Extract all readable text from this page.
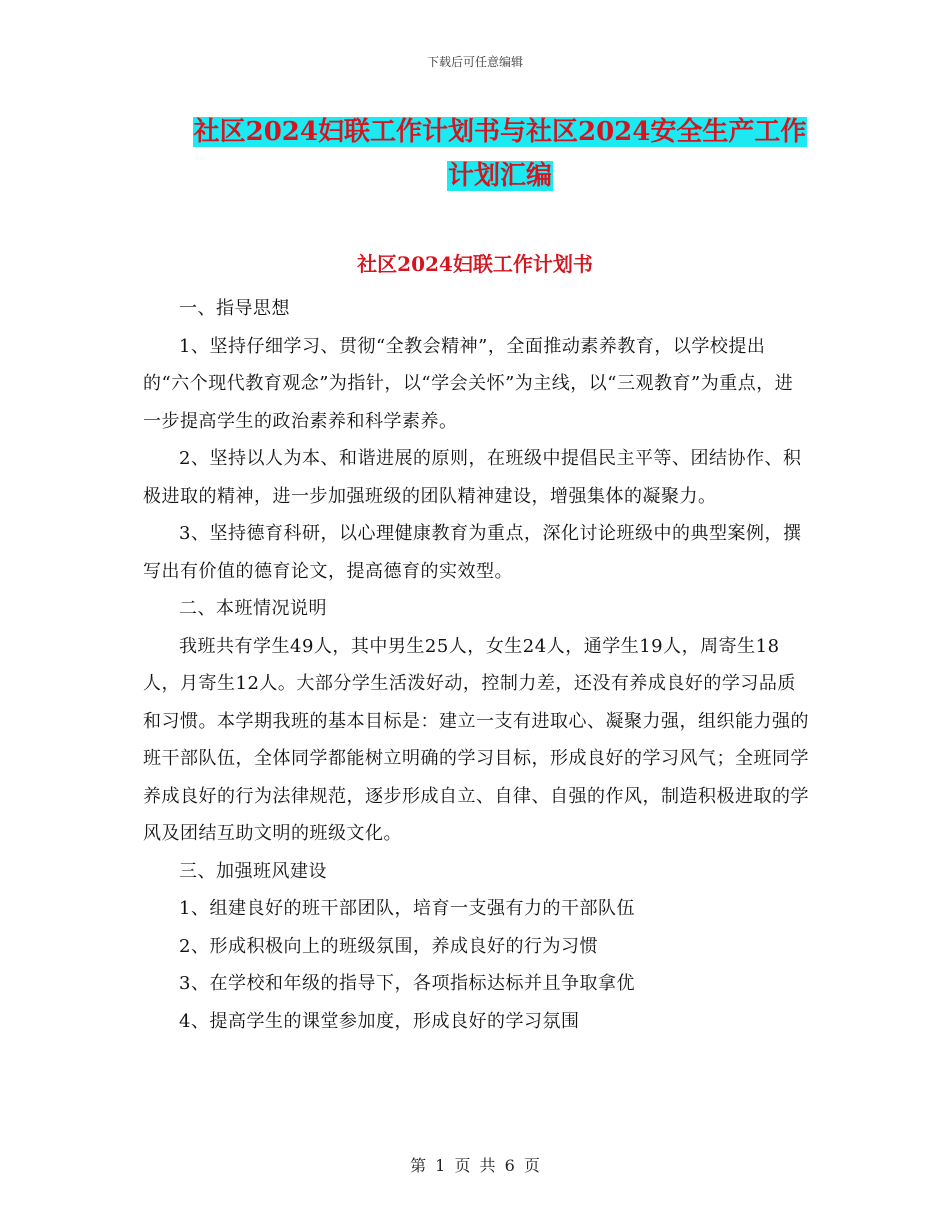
下载后可任意编辑
社区2024妇联工作计划书与社区2024安全生产工作
计划汇编
社区2024妇联工作计划书

一、指导思想

1、坚持仔细学习、贯彻“全教会精神”，全面推动素养教育，以学校提出的“六个现代教育观念”为指针，以“学会关怀”为主线，以“三观教育”为重点，进一步提高学生的政治素养和科学素养。

2、坚持以人为本、和谐进展的原则，在班级中提倡民主平等、团结协作、积极进取的精神，进一步加强班级的团队精神建设，增强集体的凝聚力。

3、坚持德育科研，以心理健康教育为重点，深化讨论班级中的典型案例，撰写出有价值的德育论文，提高德育的实效型。

二、本班情况说明

我班共有学生49人，其中男生25人，女生24人，通学生19人，周寄生18人，月寄生12人。大部分学生活泼好动，控制力差，还没有养成良好的学习品质和习惯。本学期我班的基本目标是：建立一支有进取心、凝聚力强，组织能力强的班干部队伍，全体同学都能树立明确的学习目标，形成良好的学习风气；全班同学养成良好的行为法律规范，逐步形成自立、自律、自强的作风，制造积极进取的学风及团结互助文明的班级文化。

三、加强班风建设

1、组建良好的班干部团队，培育一支强有力的干部队伍

2、形成积极向上的班级氛围，养成良好的行为习惯

3、在学校和年级的指导下，各项指标达标并且争取拿优

4、提高学生的课堂参加度，形成良好的学习氛围

第 1 页 共 6 页
